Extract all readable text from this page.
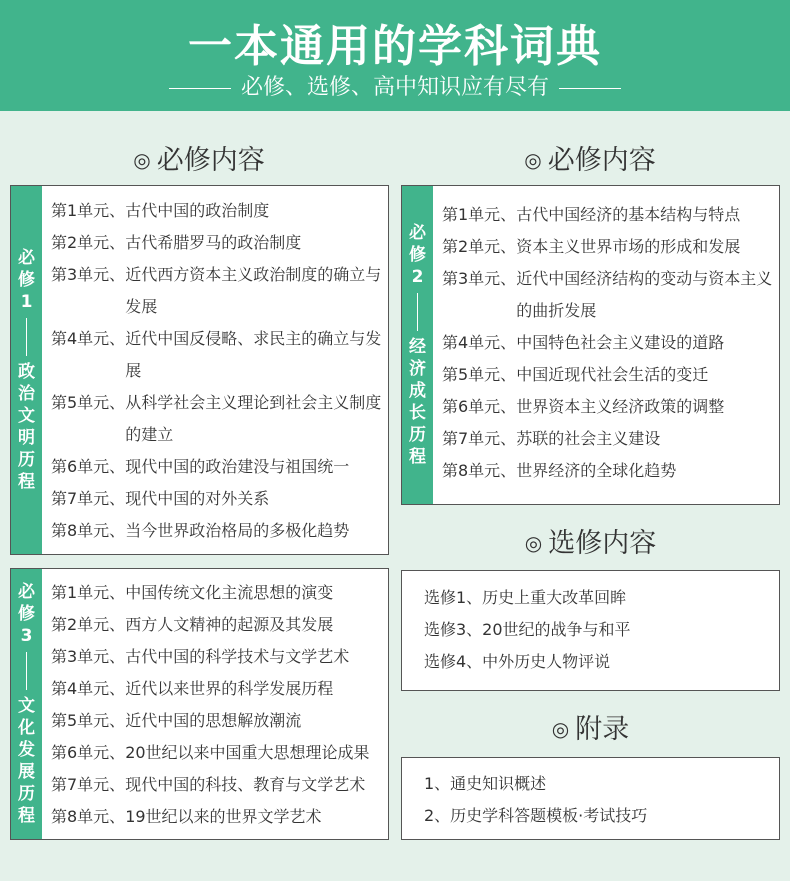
一本通用的学科词典
必修、选修、高中知识应有尽有
◎ 必修内容	◎ 必修内容
必
修
1
政
治
文
明
历
程
第1单元、 古代中国的政治制度
第2单元、 古代希腊罗马的政治制度
第3单元、 近代西方资本主义政治制度的确立与发展
第4单元、 近代中国反侵略、求民主的确立与发展
第5单元、 从科学社会主义理论到社会主义制度的建立
第6单元、 现代中国的政治建没与祖国统一
第7单元、 现代中国的对外关系
第8单元、 当今世界政治格局的多极化趋势
必
修
2
经
济
成
长
历
程
第1单元、 古代中国经济的基本结构与特点
第2单元、 资本主义世界市场的形成和发展
第3单元、 近代中国经济结构的变动与资本主义的曲折发展
第4单元、 中国特色社会主义建设的道路
第5单元、 中国近现代社会生活的变迁
第6单元、 世界资本主义经济政策的调整
第7单元、 苏联的社会主义建设
第8单元、 世界经济的全球化趋势
◎ 选修内容
选修1、历史上重大改革回眸
选修3、20世纪的战争与和平
选修4、中外历史人物评说
◎ 附录
1、通史知识概述
2、历史学科答题模板·考试技巧
必
修
3
文
化
发
展
历
程
第1单元、 中国传统文化主流思想的演变
第2单元、 西方人文精神的起源及其发展
第3单元、 古代中国的科学技术与文学艺术
第4单元、 近代以来世界的科学发展历程
第5单元、 近代中国的思想解放潮流
第6单元、 20世纪以来中国重大思想理论成果
第7单元、 现代中国的科技、教育与文学艺术
第8单元、 19世纪以来的世界文学艺术
